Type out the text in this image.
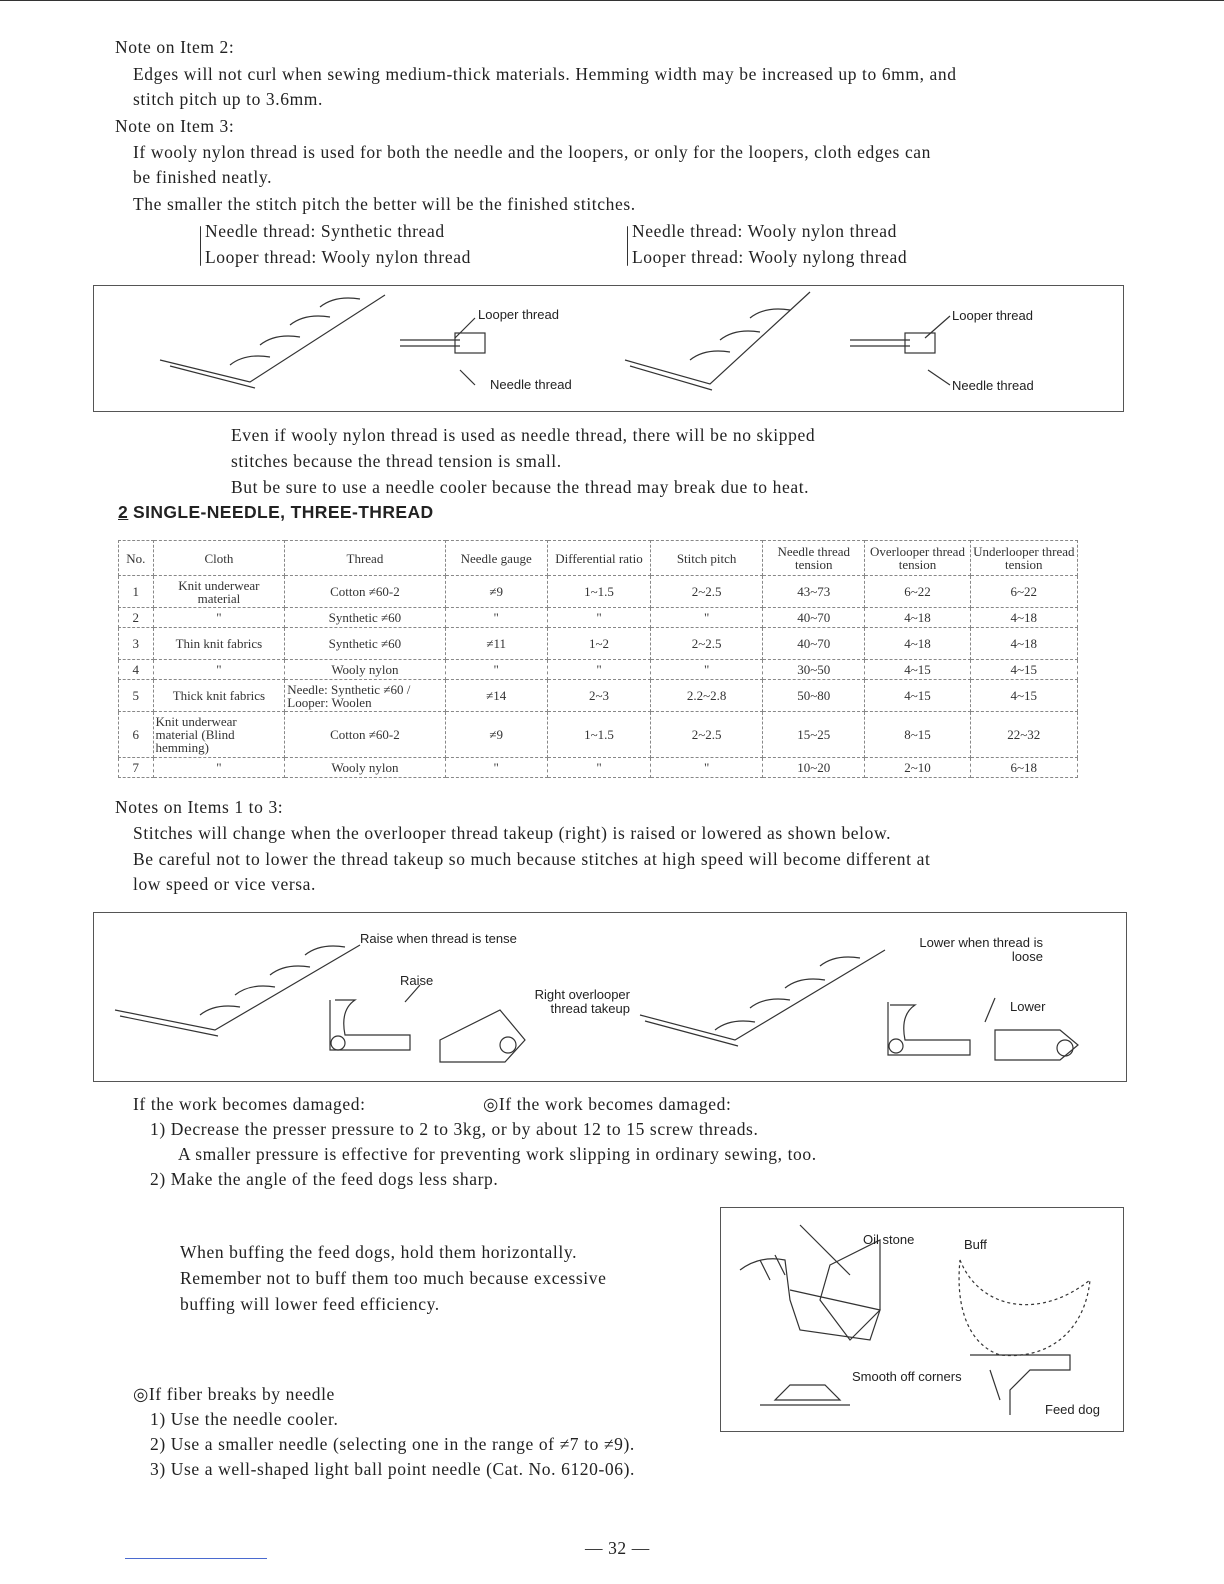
Note on Item 2:
Edges will not curl when sewing medium-thick materials. Hemming width may be increased up to 6mm, and
stitch pitch up to 3.6mm.
Note on Item 3:
If wooly nylon thread is used for both the needle and the loopers, or only for the loopers, cloth edges can
be finished neatly.
The smaller the stitch pitch the better will be the finished stitches.
Needle thread: Synthetic thread
Looper thread: Wooly nylon thread
Needle thread: Wooly nylon thread
Looper thread: Wooly nylong thread
Looper thread
Needle thread
Looper thread
Needle thread
Even if wooly nylon thread is used as needle thread, there will be no skipped
stitches because the thread tension is small.
But be sure to use a needle cooler because the thread may break due to heat.
2 SINGLE-NEEDLE, THREE-THREAD
No.	Cloth	Thread	Needle gauge	Differential ratio	Stitch pitch	Needle thread tension	Overlooper thread tension	Underlooper thread tension
1	Knit underwear material	Cotton ≠60-2	≠9	1~1.5	2~2.5	43~73	6~22	6~22
2	"	Synthetic ≠60	"	"	"	40~70	4~18	4~18
3	Thin knit fabrics	Synthetic ≠60	≠11	1~2	2~2.5	40~70	4~18	4~18
4	"	Wooly nylon	"	"	"	30~50	4~15	4~15
5	Thick knit fabrics	Needle: Synthetic ≠60 / Looper: Woolen	≠14	2~3	2.2~2.8	50~80	4~15	4~15
6	Knit underwear material (Blind hemming)	Cotton ≠60-2	≠9	1~1.5	2~2.5	15~25	8~15	22~32
7	"	Wooly nylon	"	"	"	10~20	2~10	6~18
Notes on Items 1 to 3:
Stitches will change when the overlooper thread takeup (right) is raised or lowered as shown below.
Be careful not to lower the thread takeup so much because stitches at high speed will become different at
low speed or vice versa.
Raise when thread is tense
Raise
Right overlooper thread takeup
Lower when thread is loose
Lower
If the work becomes damaged:	◎If the work becomes damaged:
1) Decrease the presser pressure to 2 to 3kg, or by about 12 to 15 screw threads.
A smaller pressure is effective for preventing work slipping in ordinary sewing, too.
2) Make the angle of the feed dogs less sharp.
When buffing the feed dogs, hold them horizontally.
Remember not to buff them too much because excessive
buffing will lower feed efficiency.
Oil stone	Buff
Smooth off corners
Feed dog
◎If fiber breaks by needle
1) Use the needle cooler.
2) Use a smaller needle (selecting one in the range of ≠7 to ≠9).
3) Use a well-shaped light ball point needle (Cat. No. 6120-06).
— 32 —
